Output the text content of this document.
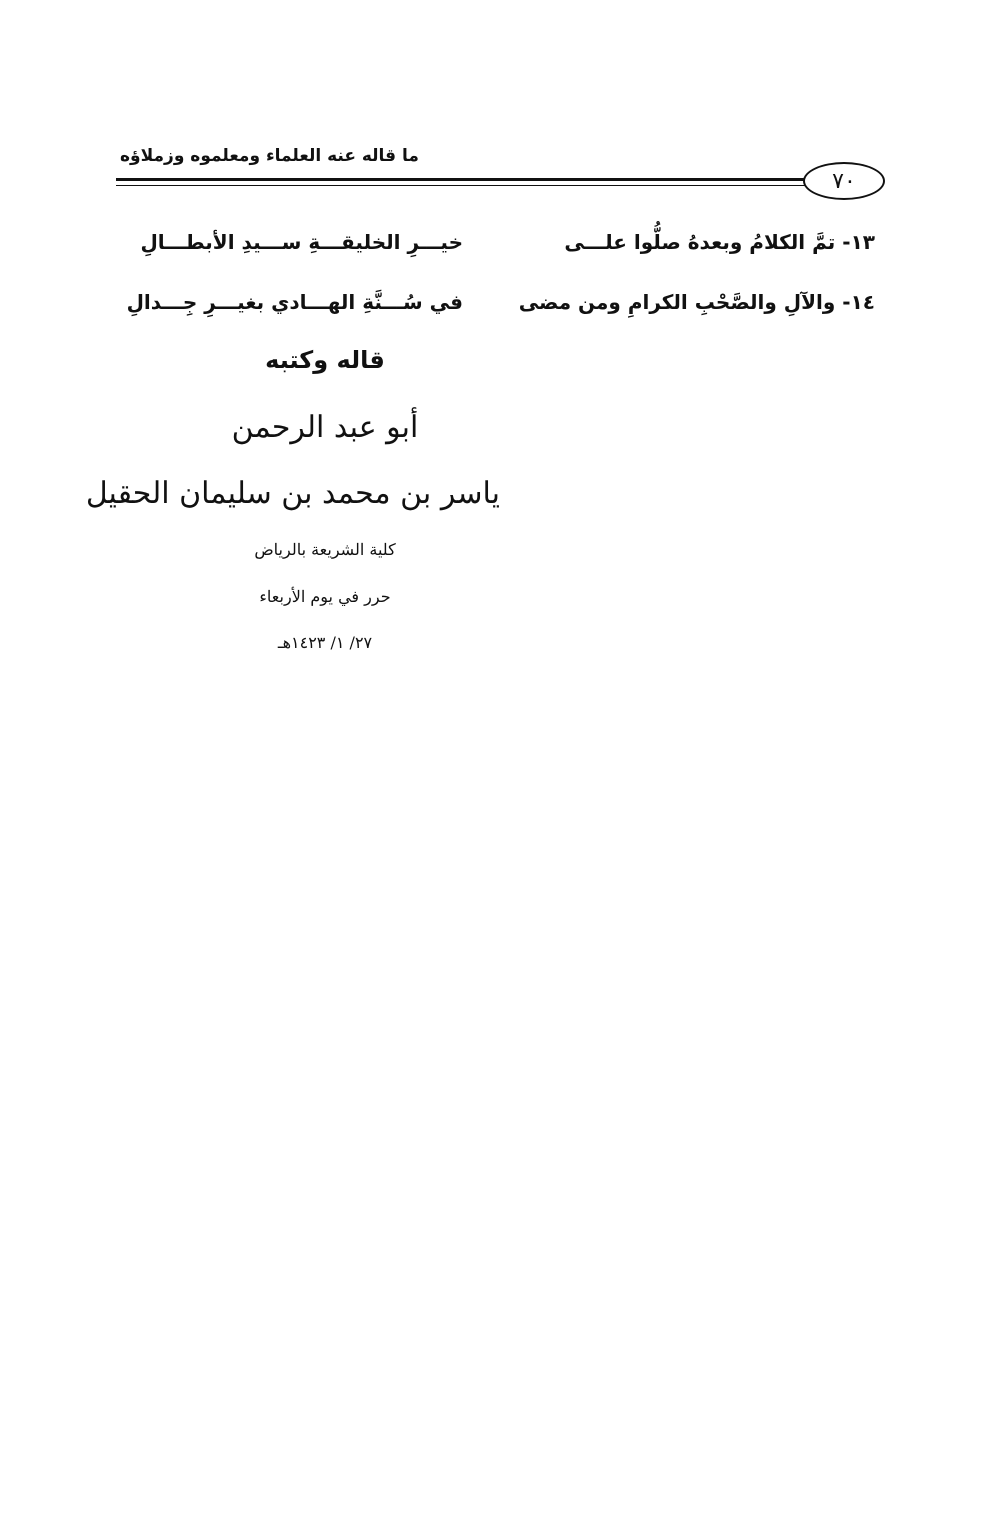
ما قاله عنه العلماء ومعلموه وزملاؤه
٧٠
١٣- تمَّ الكلامُ وبعدهُ صلُّوا علـــى
خيـــرِ الخليقـــةِ ســـيدِ الأبطـــالِ
١٤- والآلِ والصَّحْبِ الكرامِ ومن مضى
في سُـــنَّةِ الهـــادي بغيـــرِ جِـــدالِ
قاله وكتبه
أبو عبد الرحمن
ياسر بن محمد بن سليمان الحقيل
كلية الشريعة بالرياض
حرر في يوم الأربعاء
٢٧/ ١/ ١٤٢٣هـ
